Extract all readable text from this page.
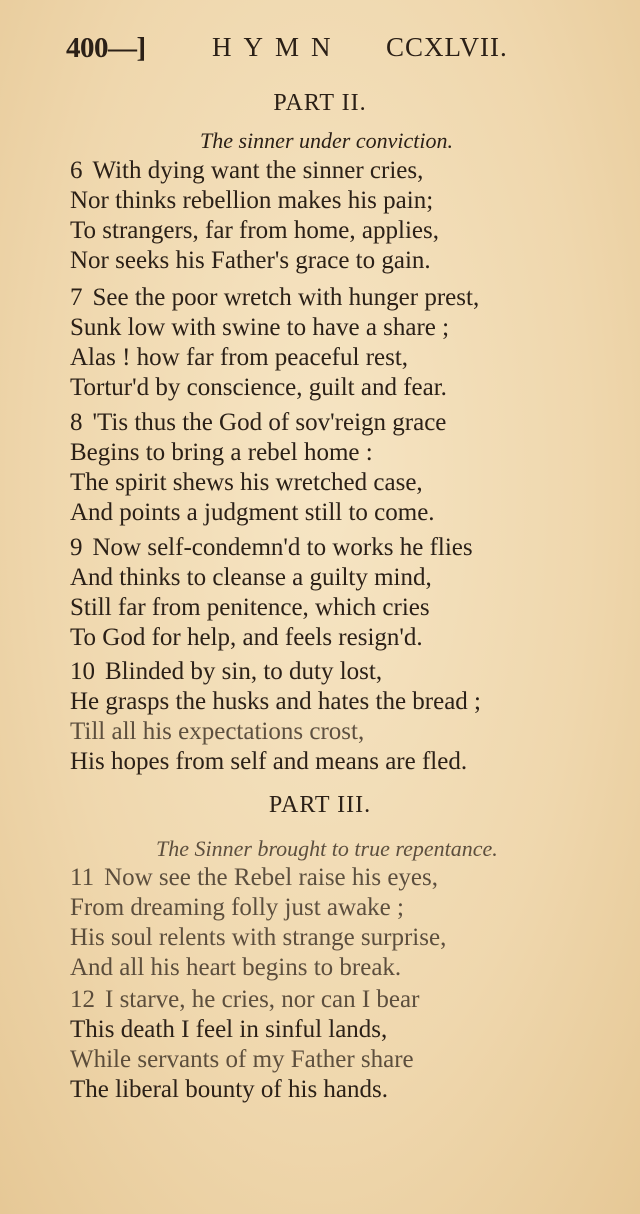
400—] HYMN CCXLVII.
PART II.
The sinner under conviction.
6 With dying want the sinner cries,
Nor thinks rebellion makes his pain;
To strangers, far from home, applies,
Nor seeks his Father's grace to gain.
7 See the poor wretch with hunger prest,
Sunk low with swine to have a share ;
Alas ! how far from peaceful rest,
Tortur'd by conscience, guilt and fear.
8 'Tis thus the God of sov'reign grace
Begins to bring a rebel home :
The spirit shews his wretched case,
And points a judgment still to come.
9 Now self-condemn'd to works he flies
And thinks to cleanse a guilty mind,
Still far from penitence, which cries
To God for help, and feels resign'd.
10 Blinded by sin, to duty lost,
He grasps the husks and hates the bread ;
Till all his expectations crost,
His hopes from self and means are fled.
PART III.
The Sinner brought to true repentance.
11 Now see the Rebel raise his eyes,
From dreaming folly just awake ;
His soul relents with strange surprise,
And all his heart begins to break.
12 I starve, he cries, nor can I bear
This death I feel in sinful lands,
While servants of my Father share
The liberal bounty of his hands.
